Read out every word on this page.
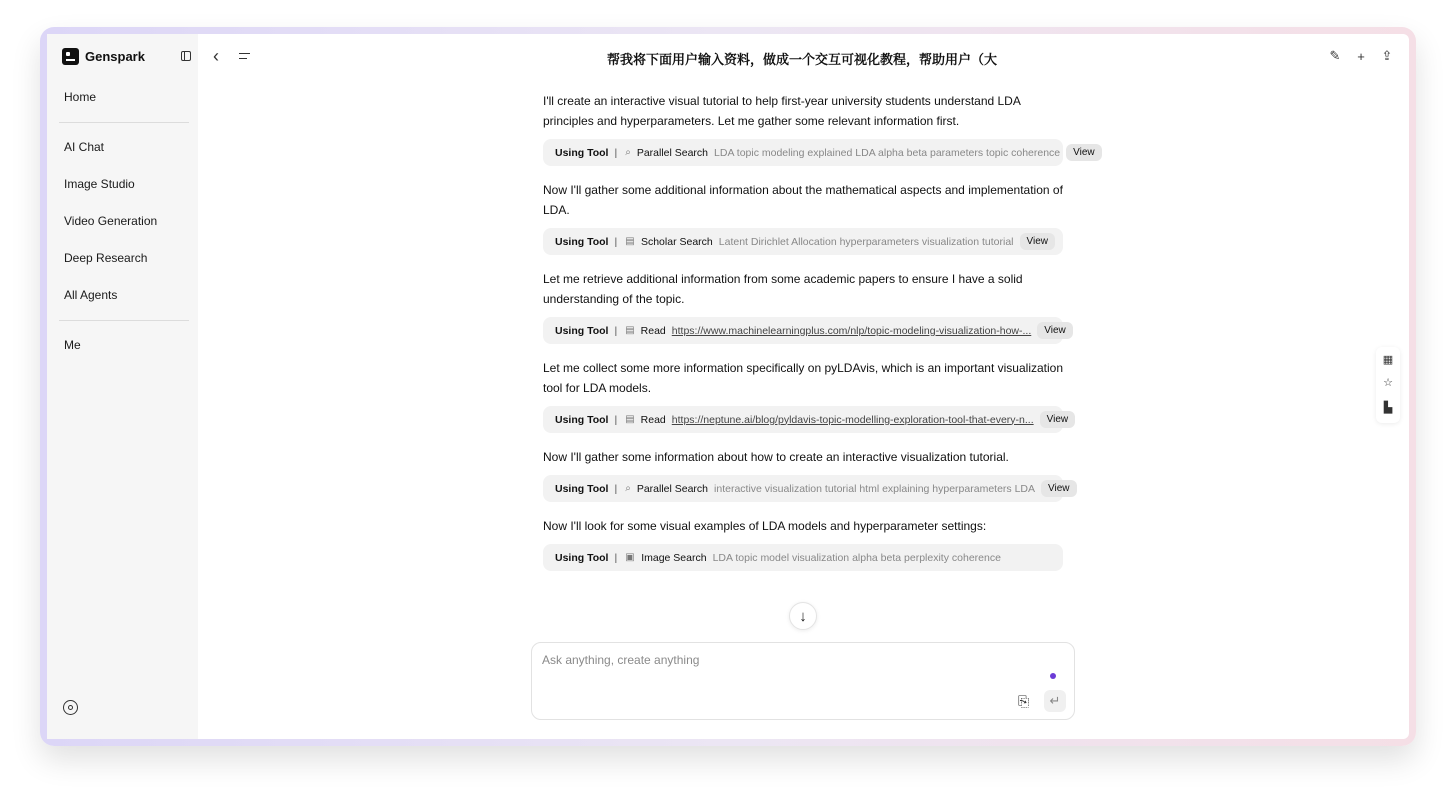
Genspark
Home
AI Chat
Image Studio
Video Generation
Deep Research
All Agents
Me
‹	帮我将下面用户输入资料，做成一个交互可视化教程，帮助用户（大	✎	+	⇪

I'll create an interactive visual tutorial to help first-year university students understand LDA principles and hyperparameters. Let me gather some relevant information first.

Using Tool | ⌕ Parallel Search LDA topic modeling explained LDA alpha beta parameters topic coherence	View

Now I'll gather some additional information about the mathematical aspects and implementation of LDA.

Using Tool | ▤ Scholar Search Latent Dirichlet Allocation hyperparameters visualization tutorial	View

Let me retrieve additional information from some academic papers to ensure I have a solid understanding of the topic.

Using Tool | ▤ Read https://www.machinelearningplus.com/nlp/topic-modeling-visualization-how-...	View

Let me collect some more information specifically on pyLDAvis, which is an important visualization tool for LDA models.

Using Tool | ▤ Read https://neptune.ai/blog/pyldavis-topic-modelling-exploration-tool-that-every-n...	View

Now I'll gather some information about how to create an interactive visualization tutorial.

Using Tool | ⌕ Parallel Search interactive visualization tutorial html explaining hyperparameters LDA	View

Now I'll look for some visual examples of LDA models and hyperparameter settings:

Using Tool | ▣ Image Search LDA topic model visualization alpha beta perplexity coherence
↓
Ask anything, create anything
⎘	↵
▦
☆
▙
